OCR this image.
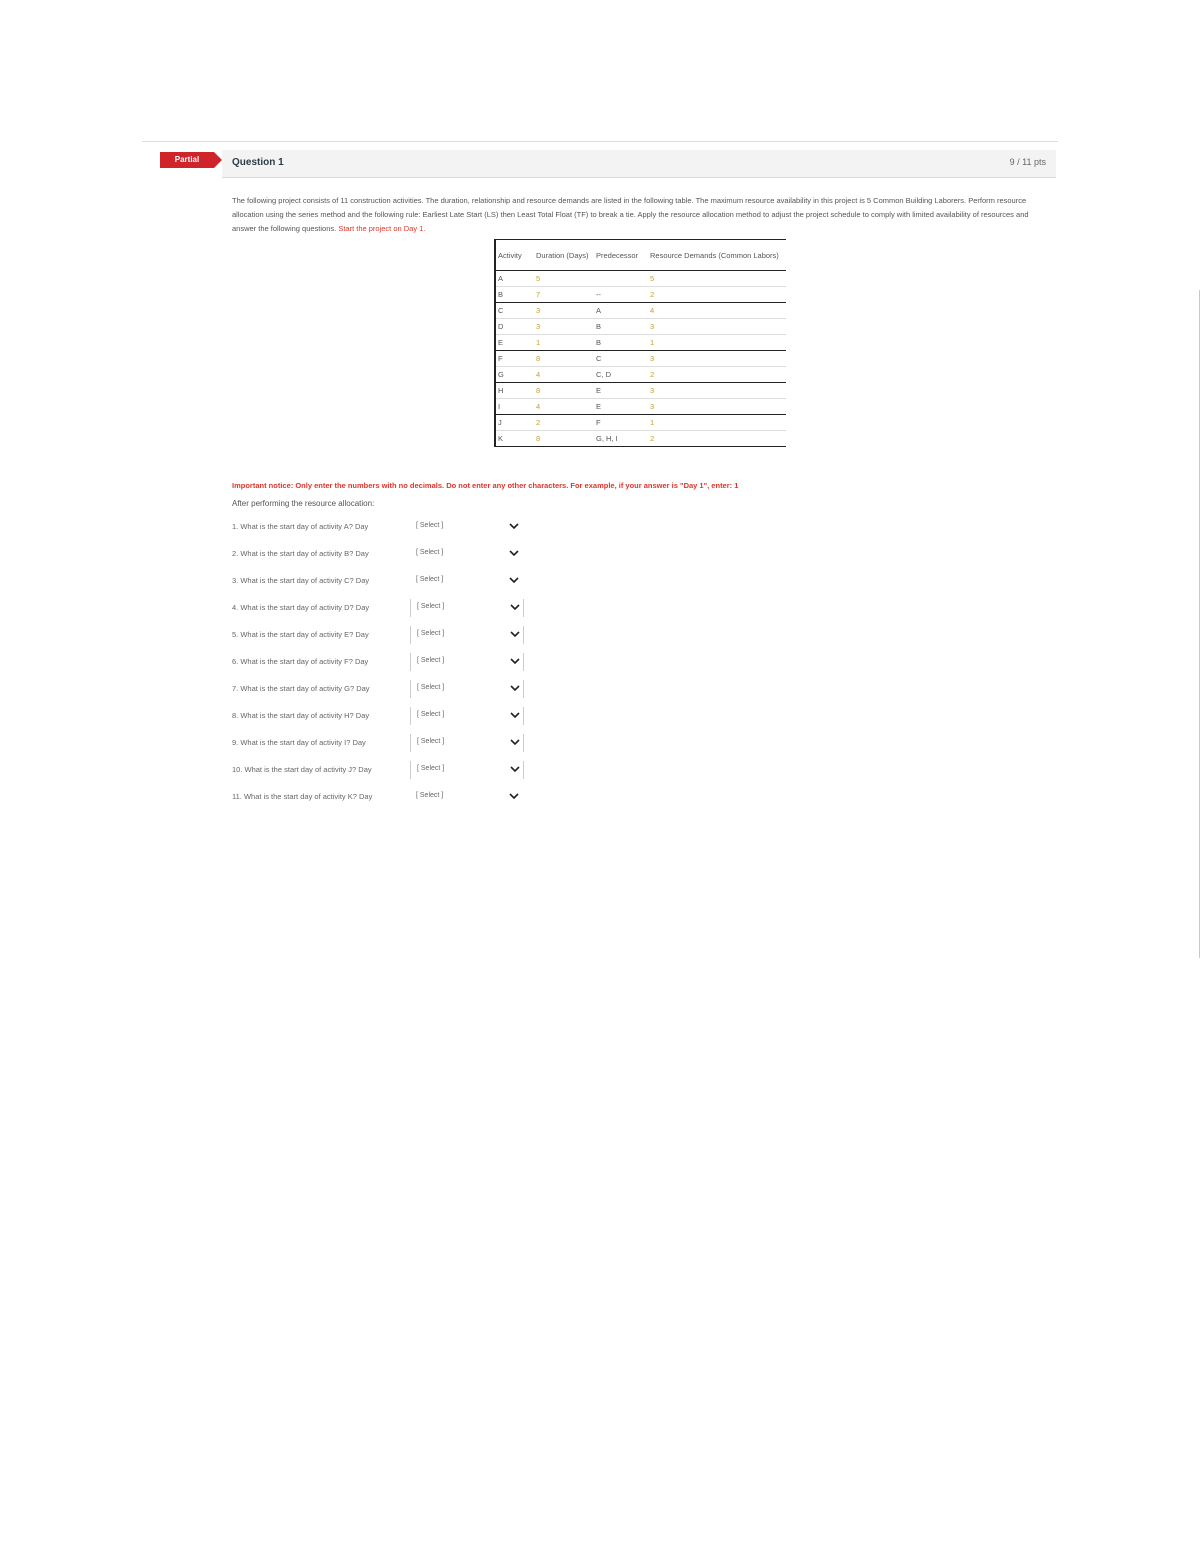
Partial	Question 1	9 / 11 pts

The following project consists of 11 construction activities. The duration, relationship and resource demands are listed in the following table. The maximum resource availability in this project is 5 Common Building Laborers. Perform resource allocation using the series method and the following rule: Earliest Late Start (LS) then Least Total Float (TF) to break a tie. Apply the resource allocation method to adjust the project schedule to comply with limited availability of resources and answer the following questions. Start the project on Day 1.

Activity	Duration (Days)	Predecessor	Resource Demands (Common Labors)
A	5		5
B	7	--	2
C	3	A	4
D	3	B	3
E	1	B	1
F	8	C	3
G	4	C, D	2
H	8	E	3
I	4	E	3
J	2	F	1
K	8	G, H, I	2
Important notice: Only enter the numbers with no decimals. Do not enter any other characters. For example, if your answer is "Day 1", enter: 1
After performing the resource allocation:
1. What is the start day of activity A? Day	[ Select ]
2. What is the start day of activity B? Day	[ Select ]
3. What is the start day of activity C? Day	[ Select ]
4. What is the start day of activity D? Day	[ Select ]
5. What is the start day of activity E? Day	[ Select ]
6. What is the start day of activity F? Day	[ Select ]
7. What is the start day of activity G? Day	[ Select ]
8. What is the start day of activity H? Day	[ Select ]
9. What is the start day of activity I? Day	[ Select ]
10. What is the start day of activity J? Day	[ Select ]
11. What is the start day of activity K? Day	[ Select ]
